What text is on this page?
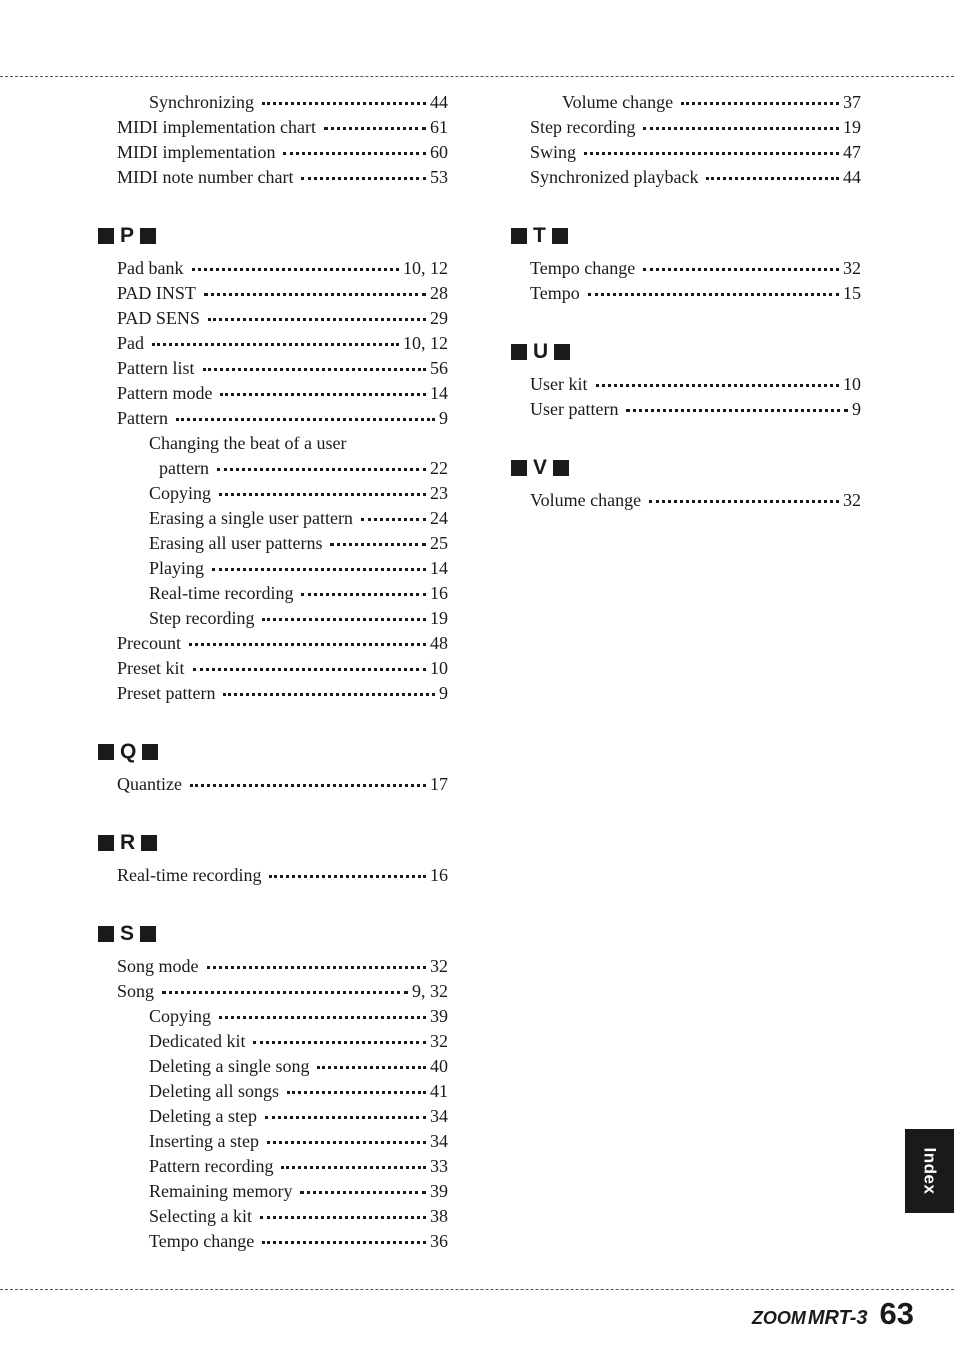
Synchronizing	44
MIDI implementation chart	61
MIDI implementation	60
MIDI note number chart	53
P
Pad bank	10, 12
PAD INST	28
PAD SENS	29
Pad	10, 12
Pattern list	56
Pattern mode	14
Pattern	9
Changing the beat of a user
pattern	22
Copying	23
Erasing a single user pattern	24
Erasing all user patterns	25
Playing	14
Real-time recording	16
Step recording	19
Precount	48
Preset kit	10
Preset pattern	9
Q
Quantize	17
R
Real-time recording	16
S
Song mode	32
Song	9, 32
Copying	39
Dedicated kit	32
Deleting a single song	40
Deleting all songs	41
Deleting a step	34
Inserting a step	34
Pattern recording	33
Remaining memory	39
Selecting a kit	38
Tempo change	36
Volume change	37
Step recording	19
Swing	47
Synchronized playback	44
T
Tempo change	32
Tempo	15
U
User kit	10
User pattern	9
V
Volume change	32
Index
ZOOM MRT-3 63
